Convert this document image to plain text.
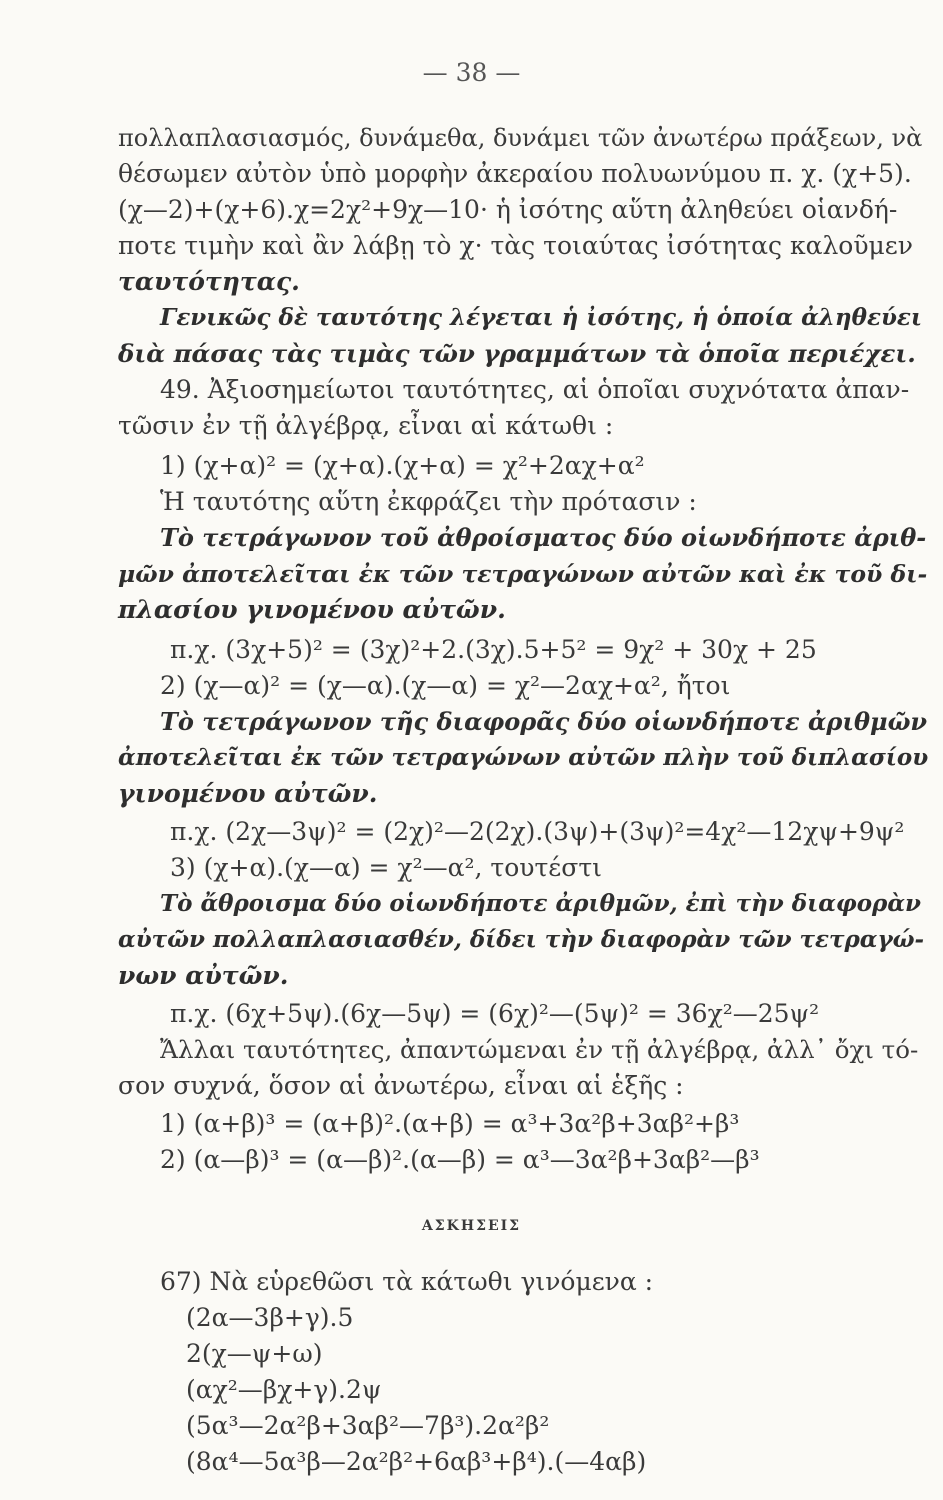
— 38 —
πολλαπλασιασμός, δυνάμεθα, δυνάμει τῶν ἀνωτέρω πράξεων, νὰ
θέσωμεν αὐτὸν ὑπὸ μορφὴν ἀκεραίου πολυωνύμου π. χ. (χ+5).
(χ—2)+(χ+6).χ=2χ²+9χ—10· ἡ ἰσότης αὕτη ἀληθεύει οἱανδή-
ποτε τιμὴν καὶ ἂν λάβῃ τὸ χ· τὰς τοιαύτας ἰσότητας καλοῦμεν
ταυτότητας.
Γενικῶς δὲ ταυτότης λέγεται ἡ ἰσότης, ἡ ὁποία ἀληθεύει
διὰ πάσας τὰς τιμὰς τῶν γραμμάτων τὰ ὁποῖα περιέχει.
49. Ἀξιοσημείωτοι ταυτότητες, αἱ ὁποῖαι συχνότατα ἀπαν-
τῶσιν ἐν τῇ ἀλγέβρᾳ, εἶναι αἱ κάτωθι :
1) (χ+α)² = (χ+α).(χ+α) = χ²+2αχ+α²
Ἡ ταυτότης αὕτη ἐκφράζει τὴν πρότασιν :
Τὸ τετράγωνον τοῦ ἀθροίσματος δύο οἱωνδήποτε ἀριθ-
μῶν ἀποτελεῖται ἐκ τῶν τετραγώνων αὐτῶν καὶ ἐκ τοῦ δι-
πλασίου γινομένου αὐτῶν.
π.χ. (3χ+5)² = (3χ)²+2.(3χ).5+5² = 9χ² + 30χ + 25
2) (χ—α)² = (χ—α).(χ—α) = χ²—2αχ+α², ἤτοι
Τὸ τετράγωνον τῆς διαφορᾶς δύο οἱωνδήποτε ἀριθμῶν
ἀποτελεῖται ἐκ τῶν τετραγώνων αὐτῶν πλὴν τοῦ διπλασίου
γινομένου αὐτῶν.
π.χ. (2χ—3ψ)² = (2χ)²—2(2χ).(3ψ)+(3ψ)²=4χ²—12χψ+9ψ²
3) (χ+α).(χ—α) = χ²—α², τουτέστι
Τὸ ἄθροισμα δύο οἱωνδήποτε ἀριθμῶν, ἐπὶ τὴν διαφορὰν
αὐτῶν πολλαπλασιασθέν, δίδει τὴν διαφορὰν τῶν τετραγώ-
νων αὐτῶν.
π.χ. (6χ+5ψ).(6χ—5ψ) = (6χ)²—(5ψ)² = 36χ²—25ψ²
Ἄλλαι ταυτότητες, ἀπαντώμεναι ἐν τῇ ἀλγέβρᾳ, ἀλλ᾽ ὄχι τό-
σον συχνά, ὅσον αἱ ἀνωτέρω, εἶναι αἱ ἑξῆς :
1) (α+β)³ = (α+β)².(α+β) = α³+3α²β+3αβ²+β³
2) (α—β)³ = (α—β)².(α—β) = α³—3α²β+3αβ²—β³
ΑΣΚΗΣΕΙΣ
67) Νὰ εὑρεθῶσι τὰ κάτωθι γινόμενα :
(2α—3β+γ).5
2(χ—ψ+ω)
(αχ²—βχ+γ).2ψ
(5α³—2α²β+3αβ²—7β³).2α²β²
(8α⁴—5α³β—2α²β²+6αβ³+β⁴).(—4αβ)
